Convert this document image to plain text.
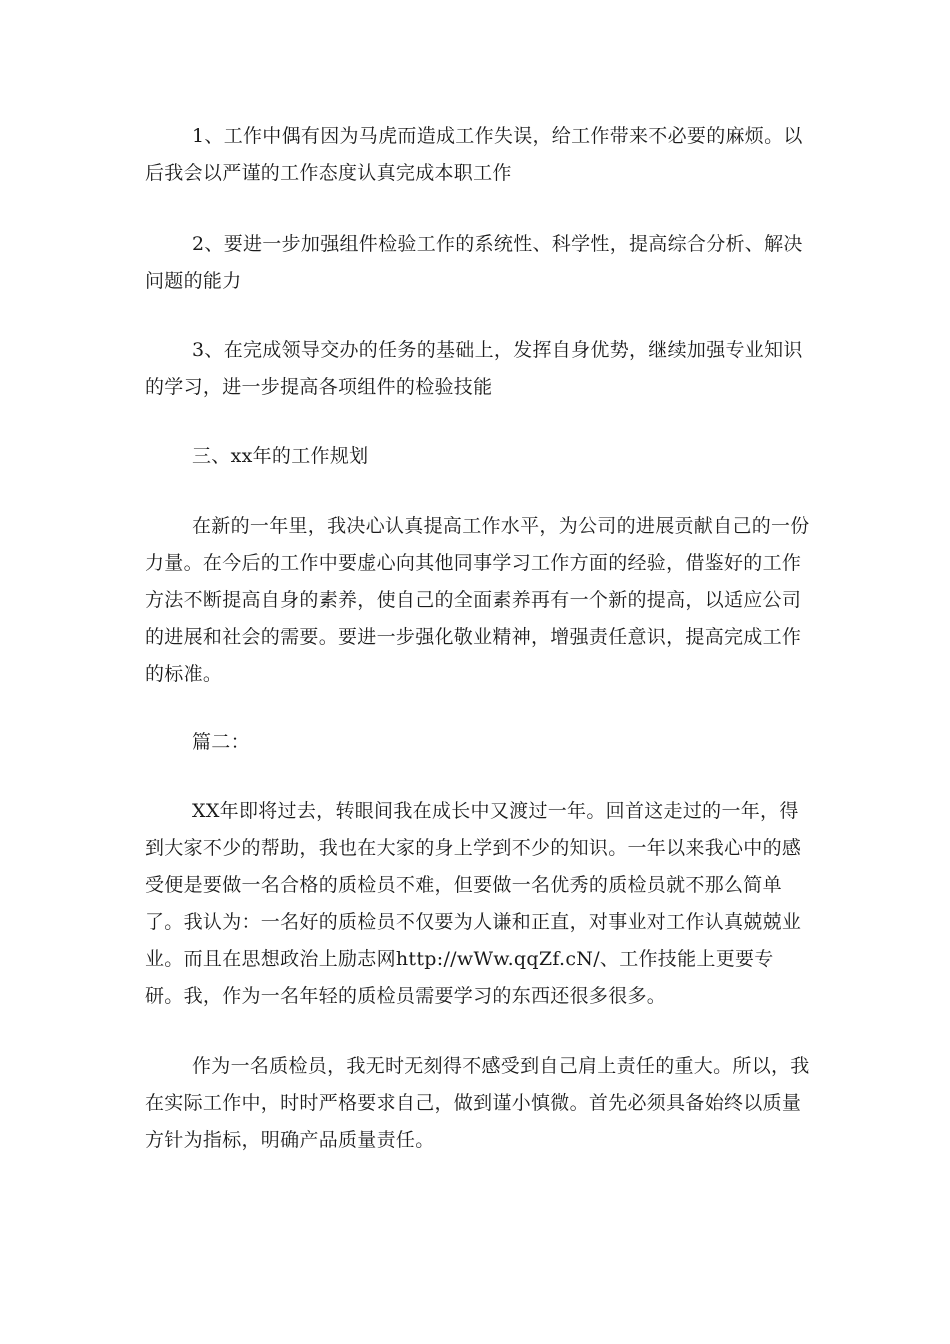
1、工作中偶有因为马虎而造成工作失误，给工作带来不必要的麻烦。以后我会以严谨的工作态度认真完成本职工作

2、要进一步加强组件检验工作的系统性、科学性，提高综合分析、解决问题的能力

3、在完成领导交办的任务的基础上，发挥自身优势，继续加强专业知识的学习，进一步提高各项组件的检验技能

三、xx年的工作规划

在新的一年里，我决心认真提高工作水平，为公司的进展贡献自己的一份力量。在今后的工作中要虚心向其他同事学习工作方面的经验，借鉴好的工作方法不断提高自身的素养，使自己的全面素养再有一个新的提高，以适应公司的进展和社会的需要。要进一步强化敬业精神，增强责任意识，提高完成工作的标准。

篇二：

XX年即将过去，转眼间我在成长中又渡过一年。回首这走过的一年，得到大家不少的帮助，我也在大家的身上学到不少的知识。一年以来我心中的感受便是要做一名合格的质检员不难，但要做一名优秀的质检员就不那么简单了。我认为：一名好的质检员不仅要为人谦和正直，对事业对工作认真兢兢业业。而且在思想政治上励志网http://wWw.qqZf.cN/、工作技能上更要专研。我，作为一名年轻的质检员需要学习的东西还很多很多。

作为一名质检员，我无时无刻得不感受到自己肩上责任的重大。所以，我在实际工作中，时时严格要求自己，做到谨小慎微。首先必须具备始终以质量方针为指标，明确产品质量责任。
